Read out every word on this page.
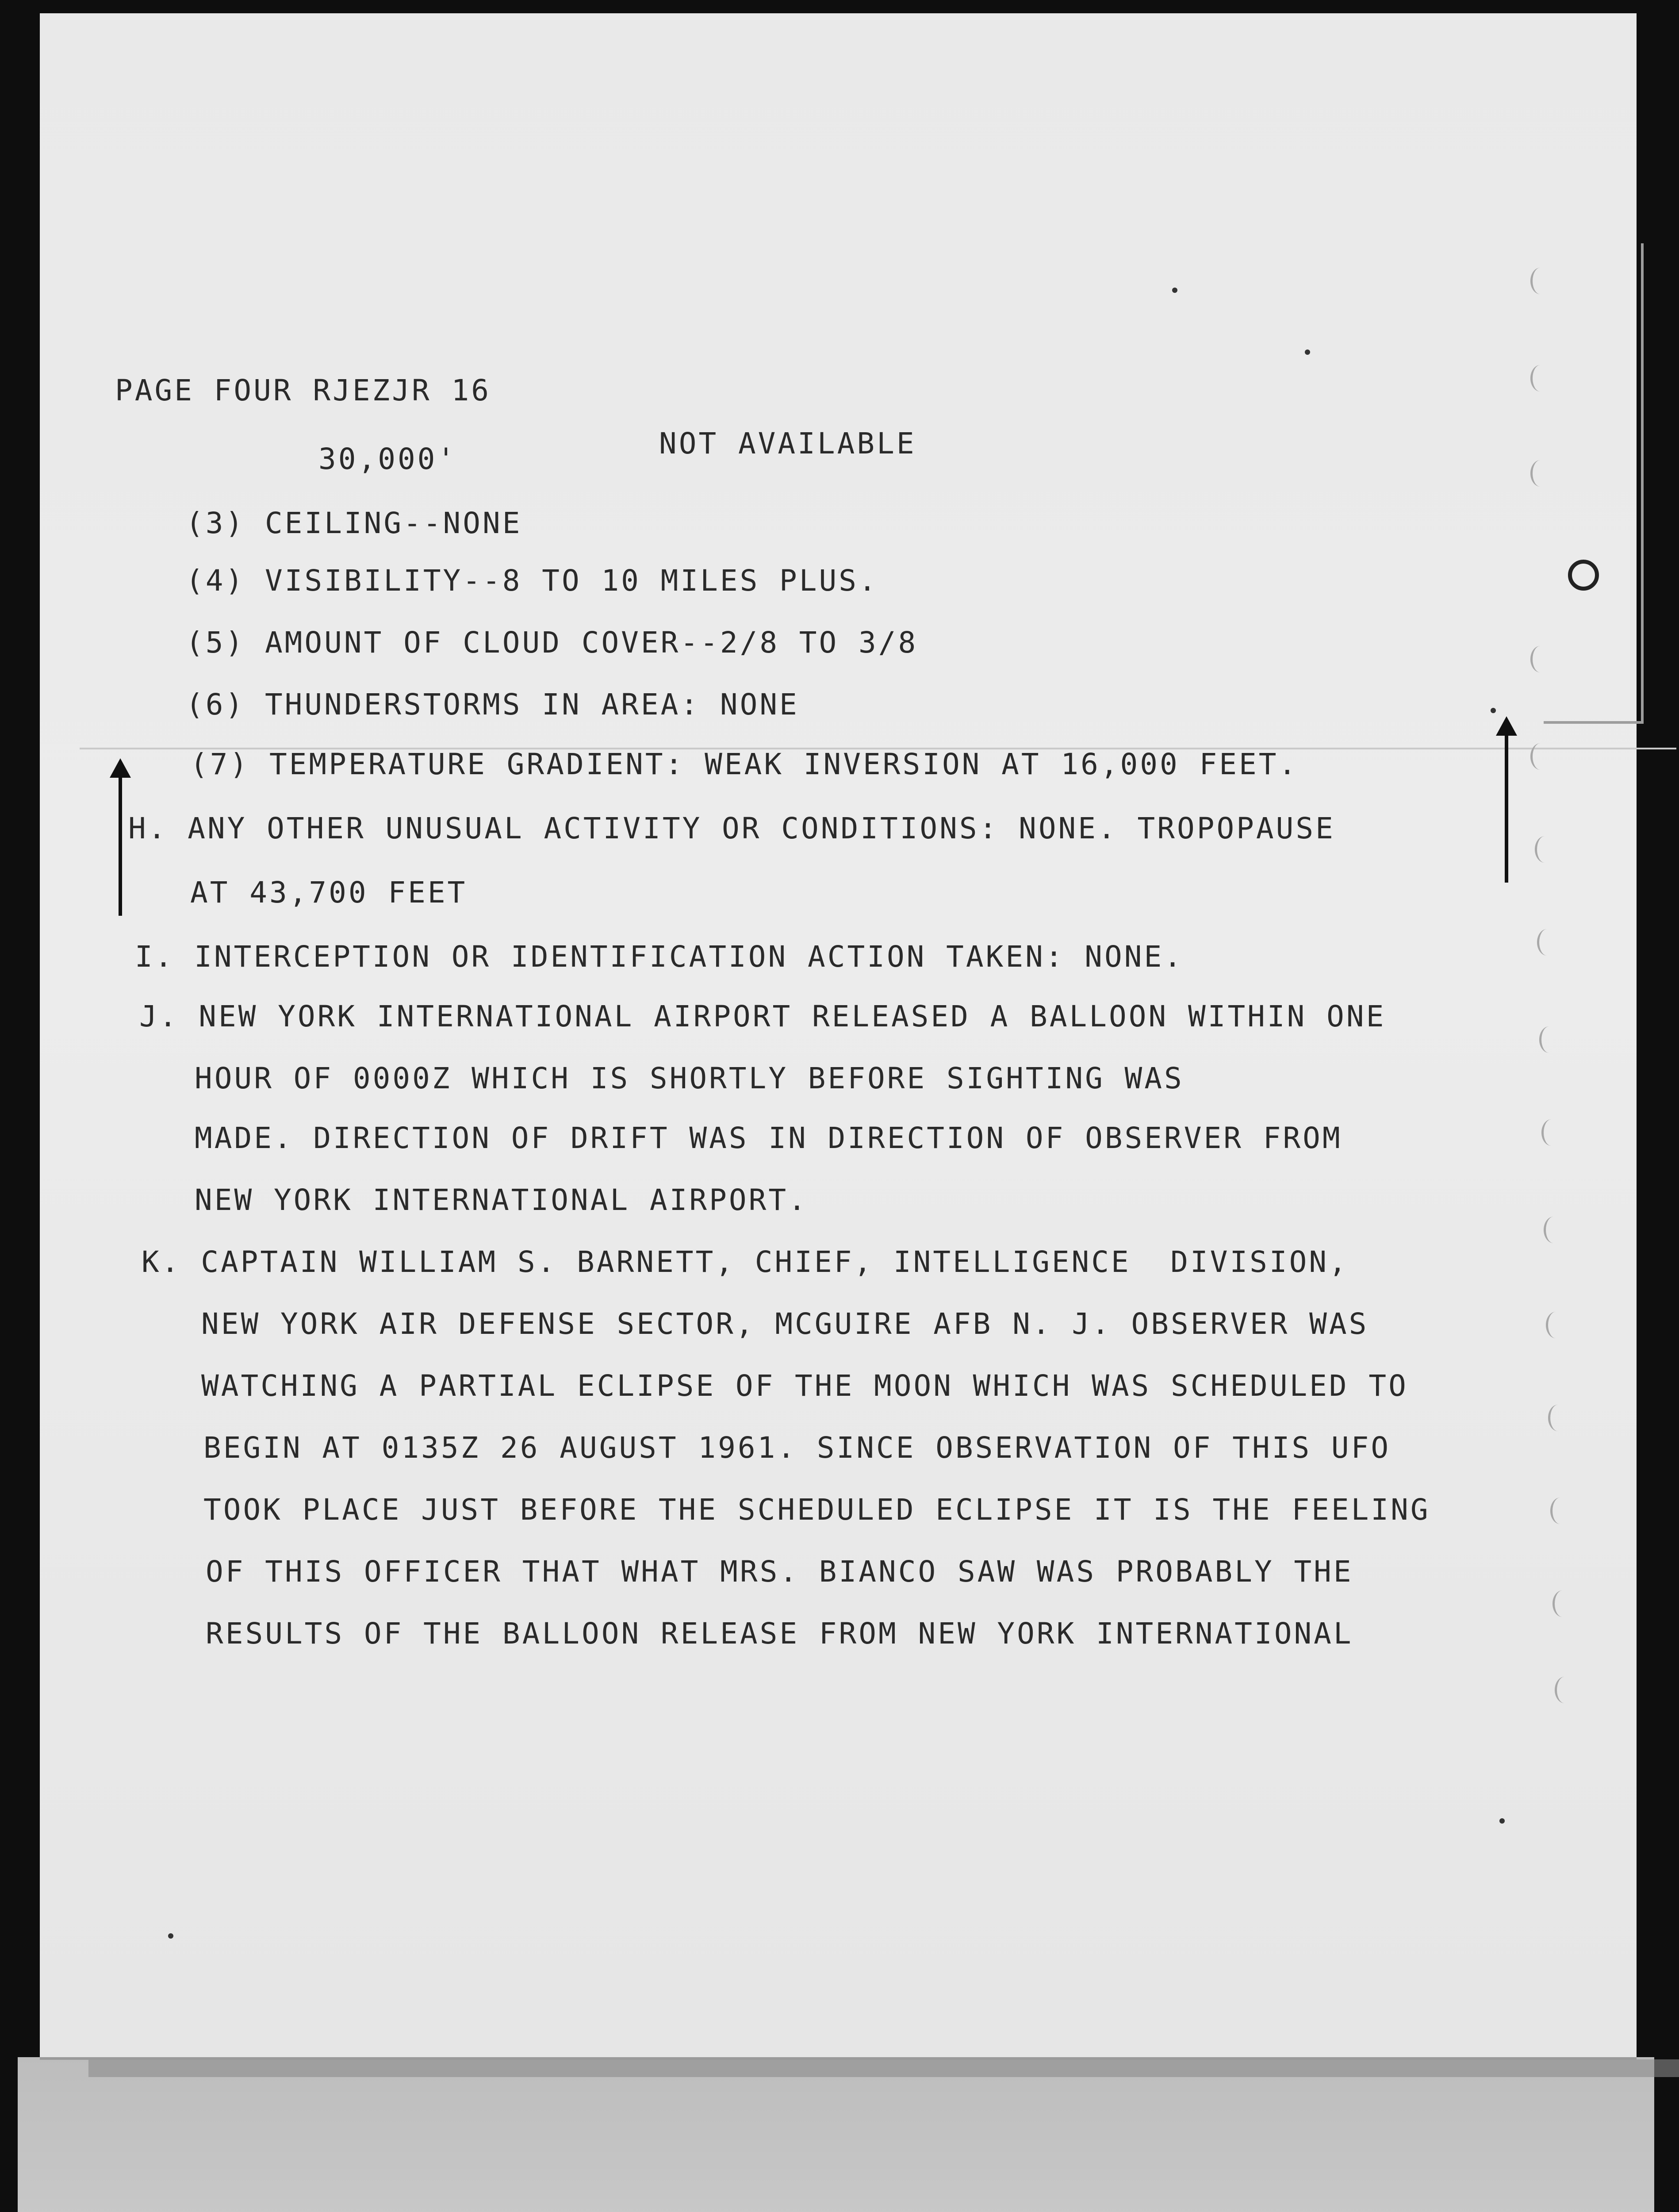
PAGE FOUR RJEZJR 16
30,000'	NOT AVAILABLE
(3) CEILING--NONE
(4) VISIBILITY--8 TO 10 MILES PLUS.
(5) AMOUNT OF CLOUD COVER--2/8 TO 3/8
(6) THUNDERSTORMS IN AREA: NONE
(7) TEMPERATURE GRADIENT: WEAK INVERSION AT 16,000 FEET.
H. ANY OTHER UNUSUAL ACTIVITY OR CONDITIONS: NONE. TROPOPAUSE
AT 43,700 FEET
I. INTERCEPTION OR IDENTIFICATION ACTION TAKEN: NONE.
J. NEW YORK INTERNATIONAL AIRPORT RELEASED A BALLOON WITHIN ONE
HOUR OF 0000Z WHICH IS SHORTLY BEFORE SIGHTING WAS
MADE. DIRECTION OF DRIFT WAS IN DIRECTION OF OBSERVER FROM
NEW YORK INTERNATIONAL AIRPORT.
K. CAPTAIN WILLIAM S. BARNETT, CHIEF, INTELLIGENCE  DIVISION,
NEW YORK AIR DEFENSE SECTOR, MCGUIRE AFB N. J. OBSERVER WAS
WATCHING A PARTIAL ECLIPSE OF THE MOON WHICH WAS SCHEDULED TO
BEGIN AT 0135Z 26 AUGUST 1961. SINCE OBSERVATION OF THIS UFO
TOOK PLACE JUST BEFORE THE SCHEDULED ECLIPSE IT IS THE FEELING
OF THIS OFFICER THAT WHAT MRS. BIANCO SAW WAS PROBABLY THE
RESULTS OF THE BALLOON RELEASE FROM NEW YORK INTERNATIONAL
